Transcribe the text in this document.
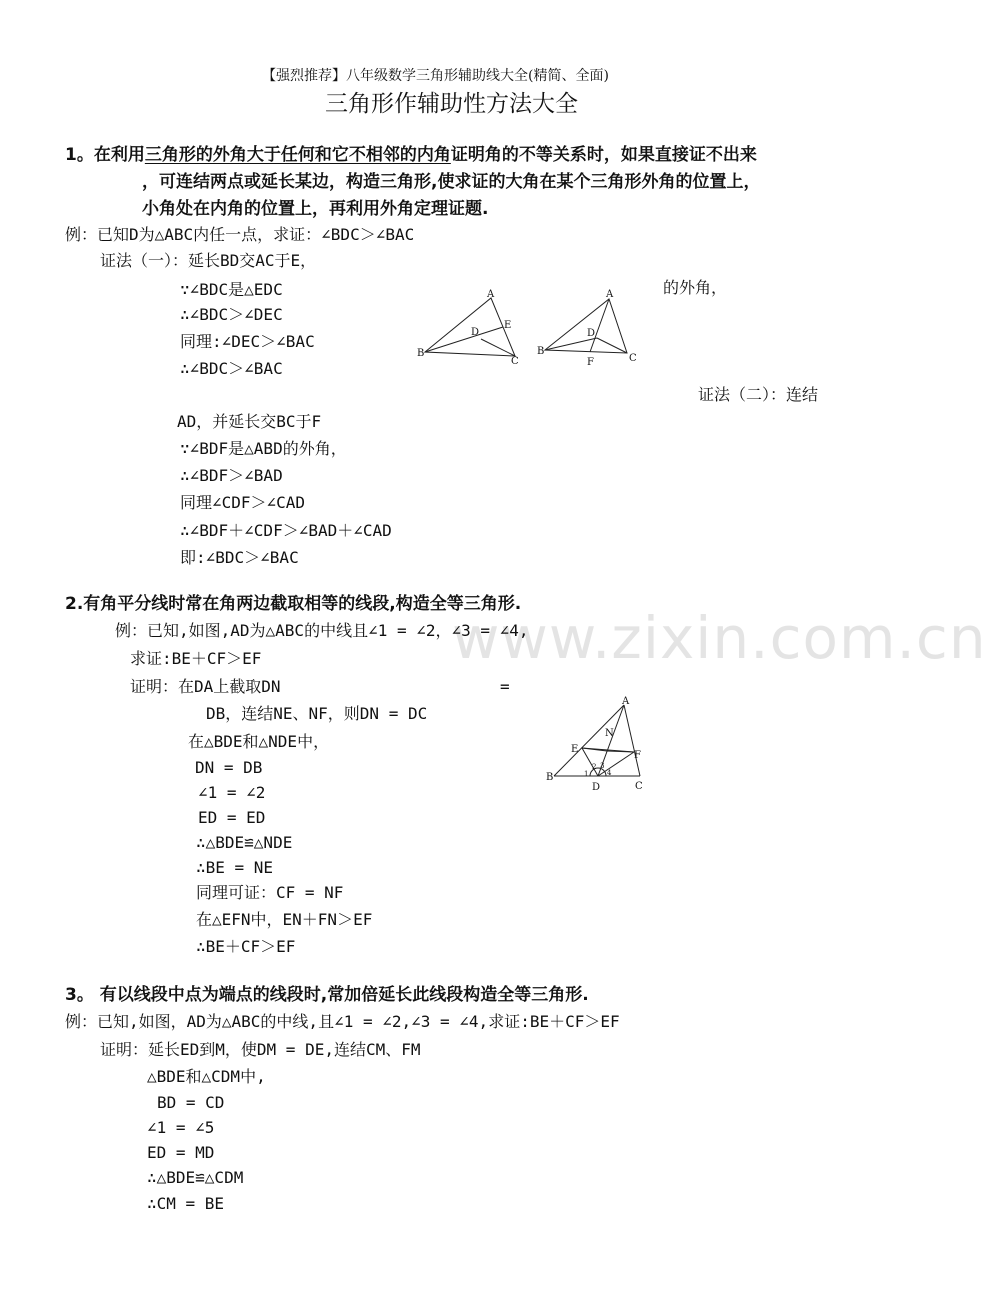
www.zixin.com.cn
【强烈推荐】八年级数学三角形辅助线大全(精简、全面)
三角形作辅助性方法大全
1。在利用三角形的外角大于任何和它不相邻的内角证明角的不等关系时，如果直接证不出来
，可连结两点或延长某边，构造三角形,使求证的大角在某个三角形外角的位置上，
小角处在内角的位置上，再利用外角定理证题.
例：已知D为△ABC内任一点，求证：∠BDC＞∠BAC
证法（一）：延长BD交AC于E，
∵∠BDC是△EDC	的外角，
∴∠BDC＞∠DEC
同理:∠DEC＞∠BAC
∴∠BDC＞∠BAC
证法（二）：连结
AD，并延长交BC于F
∵∠BDF是△ABD的外角，
∴∠BDF＞∠BAD
同理∠CDF＞∠CAD
∴∠BDF＋∠CDF＞∠BAD＋∠CAD
即:∠BDC＞∠BAC
A
B
C
D
E
A
B
C
D
F
2.有角平分线时常在角两边截取相等的线段,构造全等三角形.
例：已知,如图,AD为△ABC的中线且∠1 = ∠2，∠3 = ∠4,
求证:BE＋CF＞EF
证明：在DA上截取DN	=
DB，连结NE、NF，则DN = DC
在△BDE和△NDE中，
DN = DB
∠1 = ∠2
ED = ED
∴△BDE≌△NDE
∴BE = NE
同理可证：CF = NF
在△EFN中，EN＋FN＞EF
∴BE＋CF＞EF
A
B
C
D
E
F
N
1
2 3
4
3。 有以线段中点为端点的线段时,常加倍延长此线段构造全等三角形.
例：已知,如图，AD为△ABC的中线,且∠1 = ∠2,∠3 = ∠4,求证:BE＋CF＞EF
证明：延长ED到M，使DM = DE,连结CM、FM
△BDE和△CDM中,
BD = CD
∠1 = ∠5
ED = MD
∴△BDE≌△CDM
∴CM = BE
